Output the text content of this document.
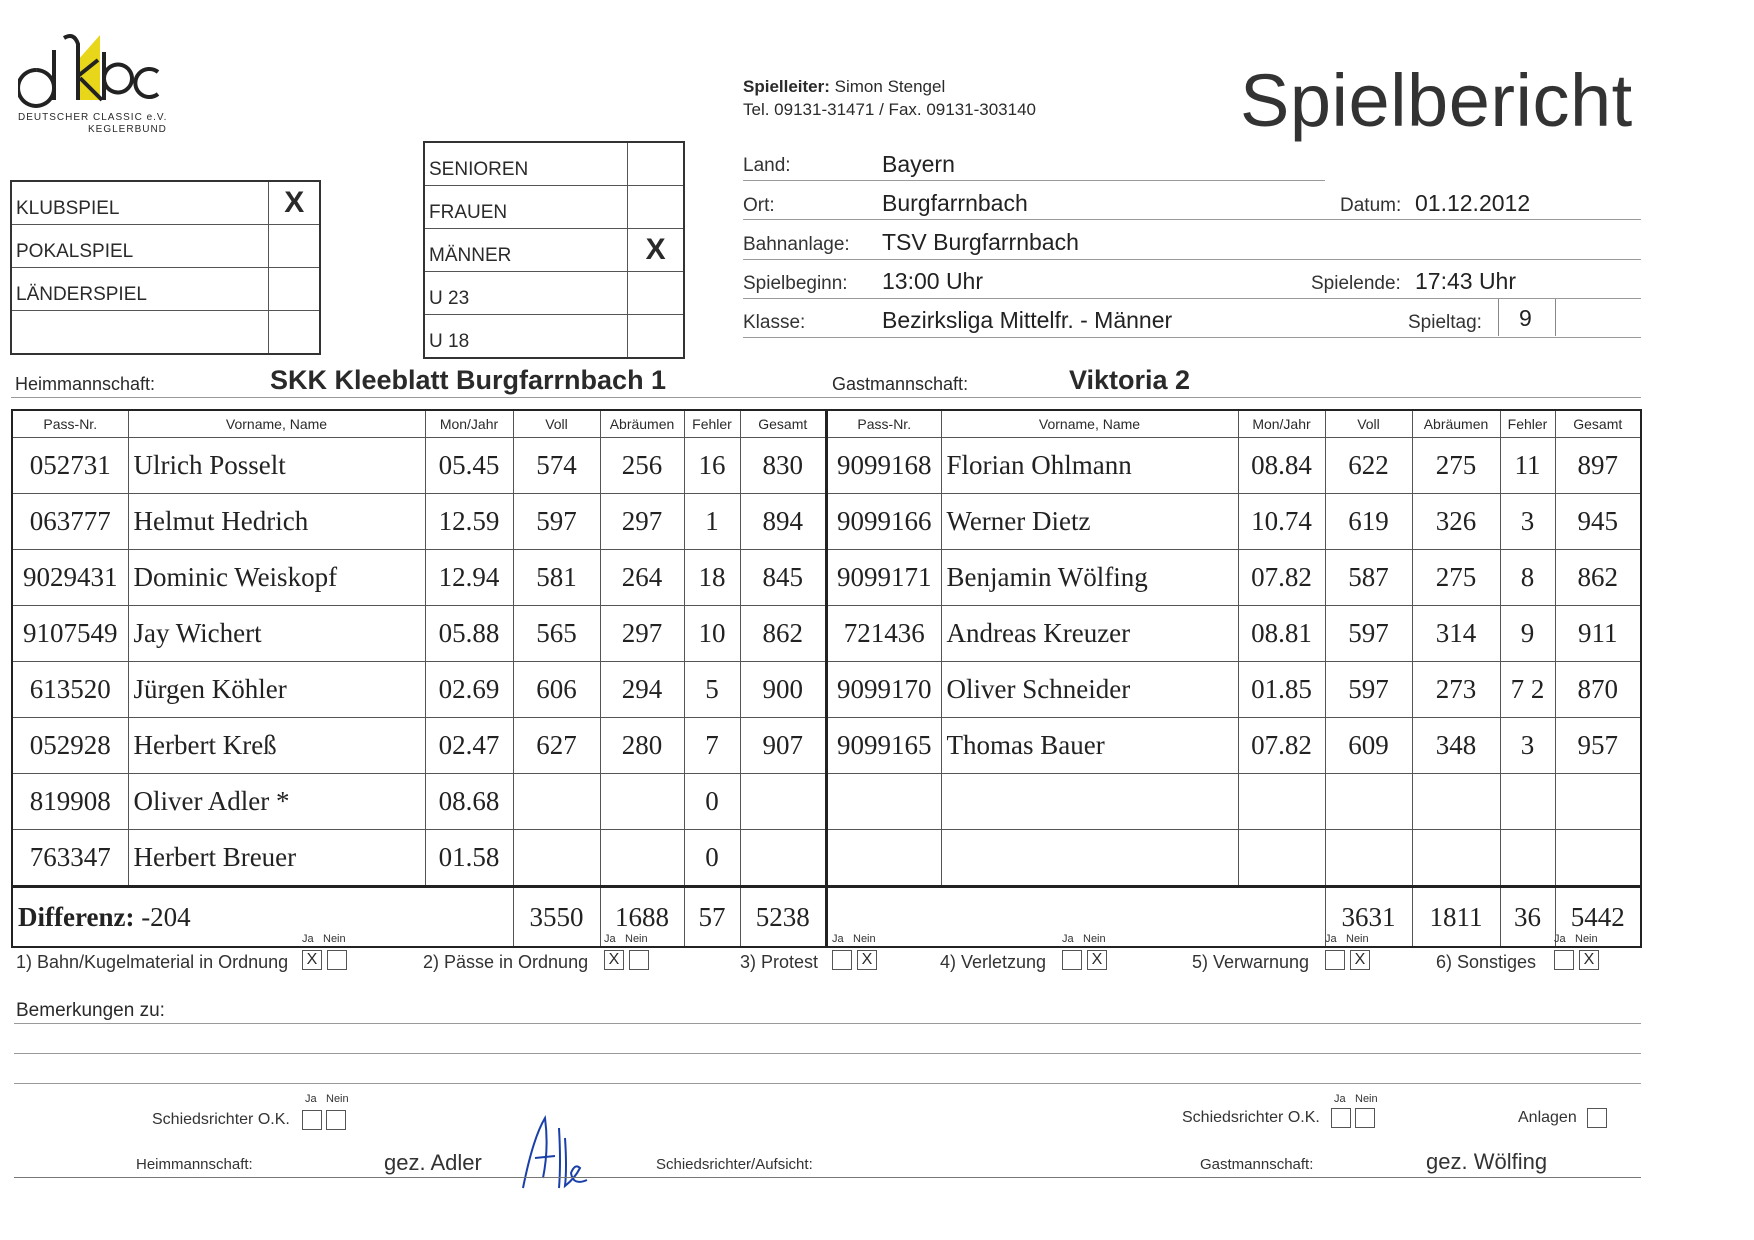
DEUTSCHER CLASSIC e.V.
KEGLERBUND
Spielleiter: Simon Stengel
Tel. 09131-31471 / Fax. 09131-303140	Spielbericht
KLUBSPIEL	X
POKALSPIEL	
LÄNDERSPIEL	

SENIOREN	
FRAUEN	
MÄNNER	X
U 23	
U 18	
Land:	Bayern
Ort:	Burgfarrnbach	Datum: 01.12.2012
Bahnanlage: TSV Burgfarrnbach
Spielbeginn: 13:00 Uhr	Spielende: 17:43 Uhr
Klasse:	Bezirksliga Mittelfr. - Männer	Spieltag: 9
Heimmannschaft:	SKK Kleeblatt Burgfarrnbach 1	Gastmannschaft:	Viktoria 2
Pass-Nr.	Vorname, Name	Mon/Jahr	Voll	Abräumen	Fehler	Gesamt
052731	Ulrich Posselt	05.45	574	256	16	830
063777	Helmut Hedrich	12.59	597	297	1	894
9029431	Dominic Weiskopf	12.94	581	264	18	845
9107549	Jay Wichert	05.88	565	297	10	862
613520	Jürgen Köhler	02.69	606	294	5	900
052928	Herbert Kreß	02.47	627	280	7	907
819908	Oliver Adler *	08.68			0	
763347	Herbert Breuer	01.58			0	
Differenz: -204			3550	1688	57	5238
Pass-Nr.	Vorname, Name	Mon/Jahr	Voll	Abräumen	Fehler	Gesamt
9099168	Florian Ohlmann	08.84	622	275	11	897
9099166	Werner Dietz	10.74	619	326	3	945
9099171	Benjamin Wölfing	07.82	587	275	8	862
721436	Andreas Kreuzer	08.81	597	314	9	911
9099170	Oliver Schneider	01.85	597	273	7 2	870
9099165	Thomas Bauer	07.82	609	348	3	957

			3631	1811	36	5442
1) Bahn/Kugelmaterial in Ordnung
Ja Nein
X	2) Pässe in Ordnung
Ja Nein
X	3) Protest
Ja Nein
X	4) Verletzung
Ja Nein
X	5) Verwarnung
Ja Nein
X	6) Sonstiges
Ja Nein
X
Bemerkungen zu:
Ja Nein
Schiedsrichter O.K.
Ja Nein
Schiedsrichter O.K.	Anlagen
Heimmannschaft:	gez. Adler	Schiedsrichter/Aufsicht:	Gastmannschaft:	gez. Wölfing
